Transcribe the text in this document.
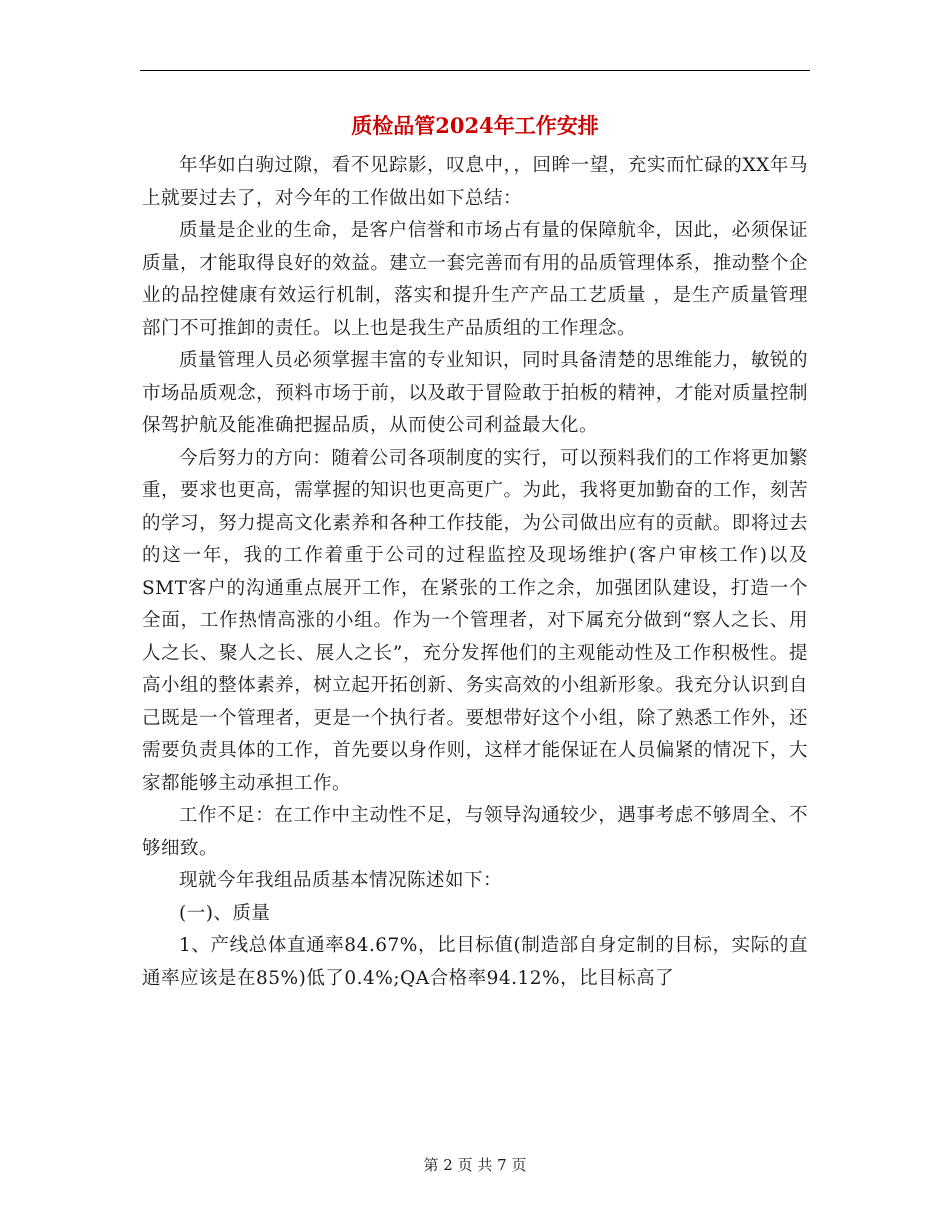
质检品管2024年工作安排

年华如白驹过隙，看不见踪影，叹息中，，回眸一望，充实而忙碌的XX年马上就要过去了，对今年的工作做出如下总结：

质量是企业的生命，是客户信誉和市场占有量的保障航伞，因此，必须保证质量，才能取得良好的效益。建立一套完善而有用的品质管理体系，推动整个企业的品控健康有效运行机制，落实和提升生产产品工艺质量 ，是生产质量管理部门不可推卸的责任。以上也是我生产品质组的工作理念。

质量管理人员必须掌握丰富的专业知识，同时具备清楚的思维能力，敏锐的市场品质观念，预料市场于前，以及敢于冒险敢于拍板的精神，才能对质量控制保驾护航及能准确把握品质，从而使公司利益最大化。

今后努力的方向：随着公司各项制度的实行，可以预料我们的工作将更加繁重，要求也更高，需掌握的知识也更高更广。为此，我将更加勤奋的工作，刻苦的学习，努力提高文化素养和各种工作技能，为公司做出应有的贡献。即将过去的这一年，我的工作着重于公司的过程监控及现场维护(客户审核工作)以及SMT客户的沟通重点展开工作，在紧张的工作之余，加强团队建设，打造一个全面，工作热情高涨的小组。作为一个管理者，对下属充分做到“察人之长、用人之长、聚人之长、展人之长”，充分发挥他们的主观能动性及工作积极性。提高小组的整体素养，树立起开拓创新、务实高效的小组新形象。我充分认识到自己既是一个管理者，更是一个执行者。要想带好这个小组，除了熟悉工作外，还需要负责具体的工作，首先要以身作则，这样才能保证在人员偏紧的情况下，大家都能够主动承担工作。

工作不足：在工作中主动性不足，与领导沟通较少，遇事考虑不够周全、不够细致。

现就今年我组品质基本情况陈述如下：

(一)、质量

1、产线总体直通率84.67%，比目标值(制造部自身定制的目标，实际的直通率应该是在85%)低了0.4%;QA合格率94.12%，比目标高了

第 2 页 共 7 页
